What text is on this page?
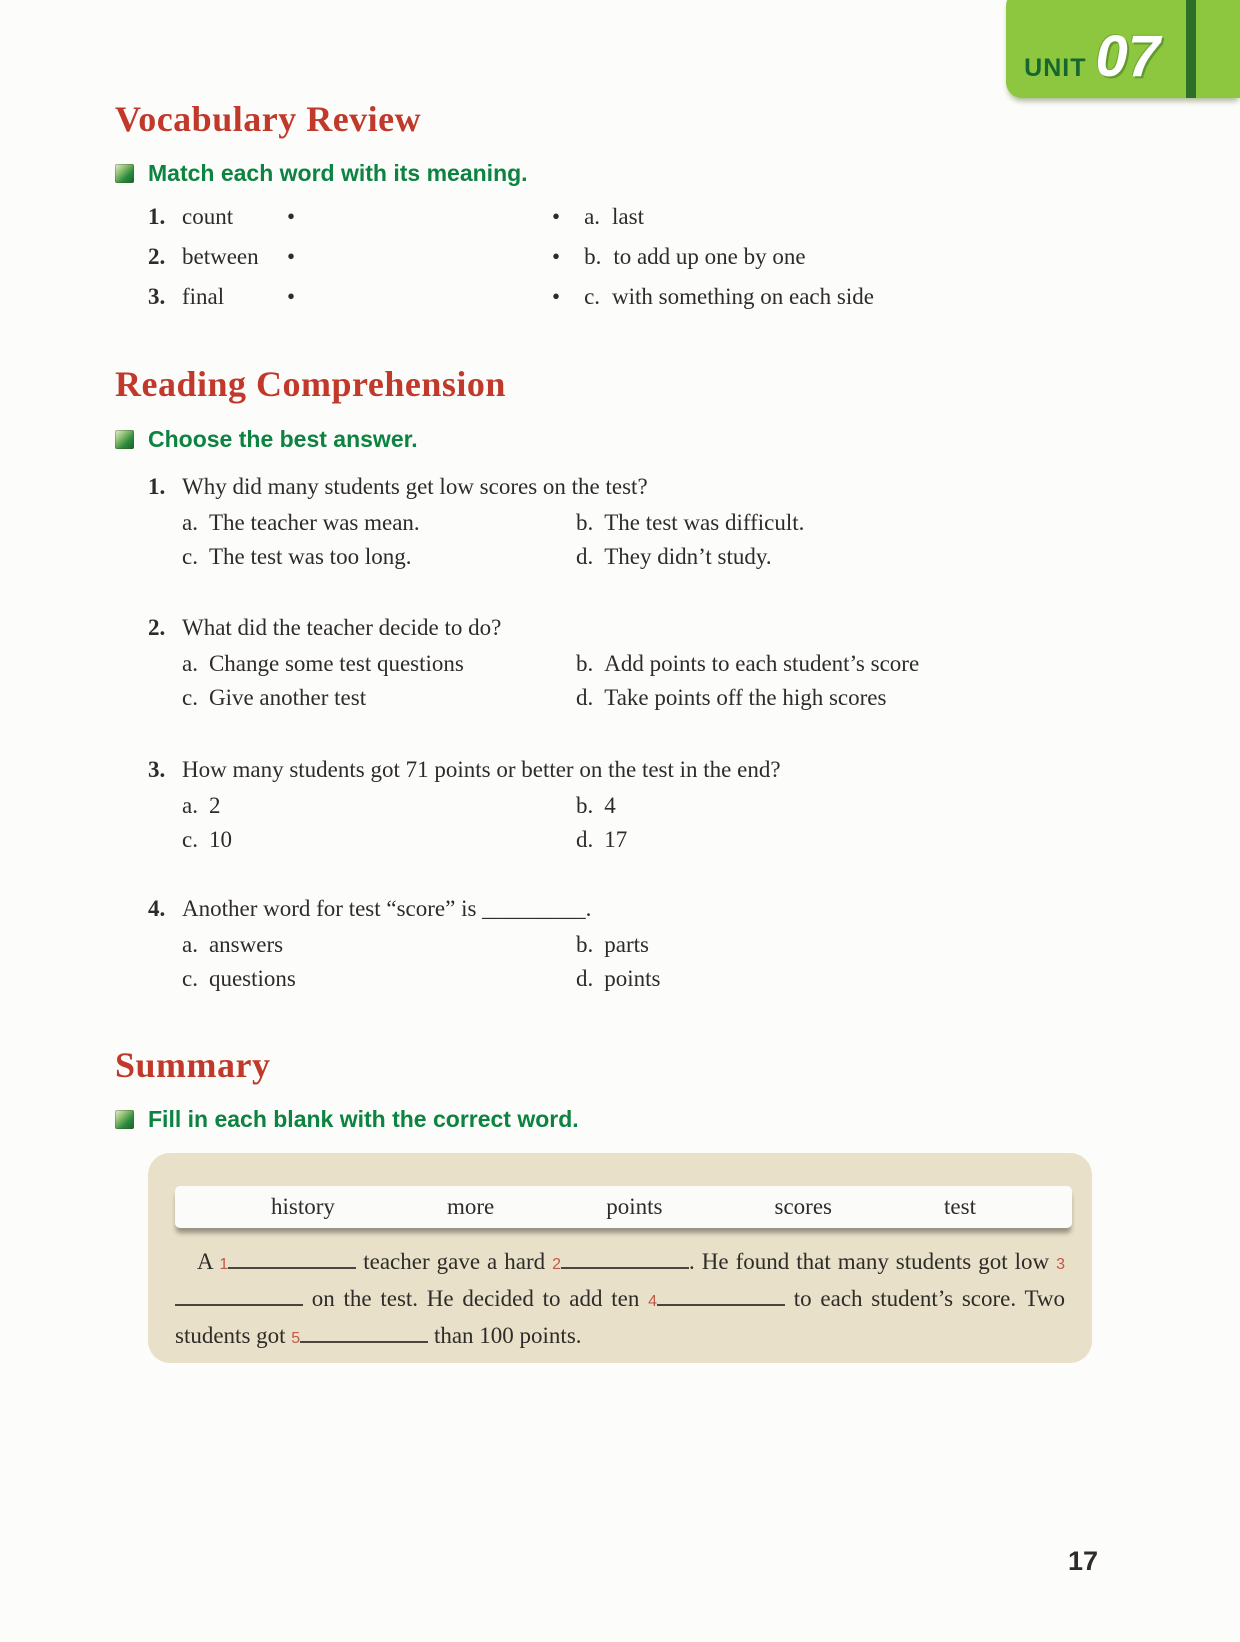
UNIT 07
Vocabulary Review
Match each word with its meaning.
1. count •	• a. last
2. between •	• b. to add up one by one
3. final	•	• c. with something on each side
Reading Comprehension
Choose the best answer.
1. Why did many students get low scores on the test?
a. The teacher was mean.	b. The test was difficult.
c. The test was too long.	d. They didn’t study.
2. What did the teacher decide to do?
a. Change some test questions	b. Add points to each student’s score
c. Give another test	d. Take points off the high scores
3. How many students got 71 points or better on the test in the end?
a. 2	b. 4
c. 10	d. 17
4. Another word for test “score” is _________.
a. answers	b. parts
c. questions	d. points
Summary
Fill in each blank with the correct word.
history	more	points	scores	test
A 1	teacher gave a hard 2	. He found that many students got low 3 on the test. He decided to add ten 4	to each student’s score. Two students got 5	than 100 points.
17
